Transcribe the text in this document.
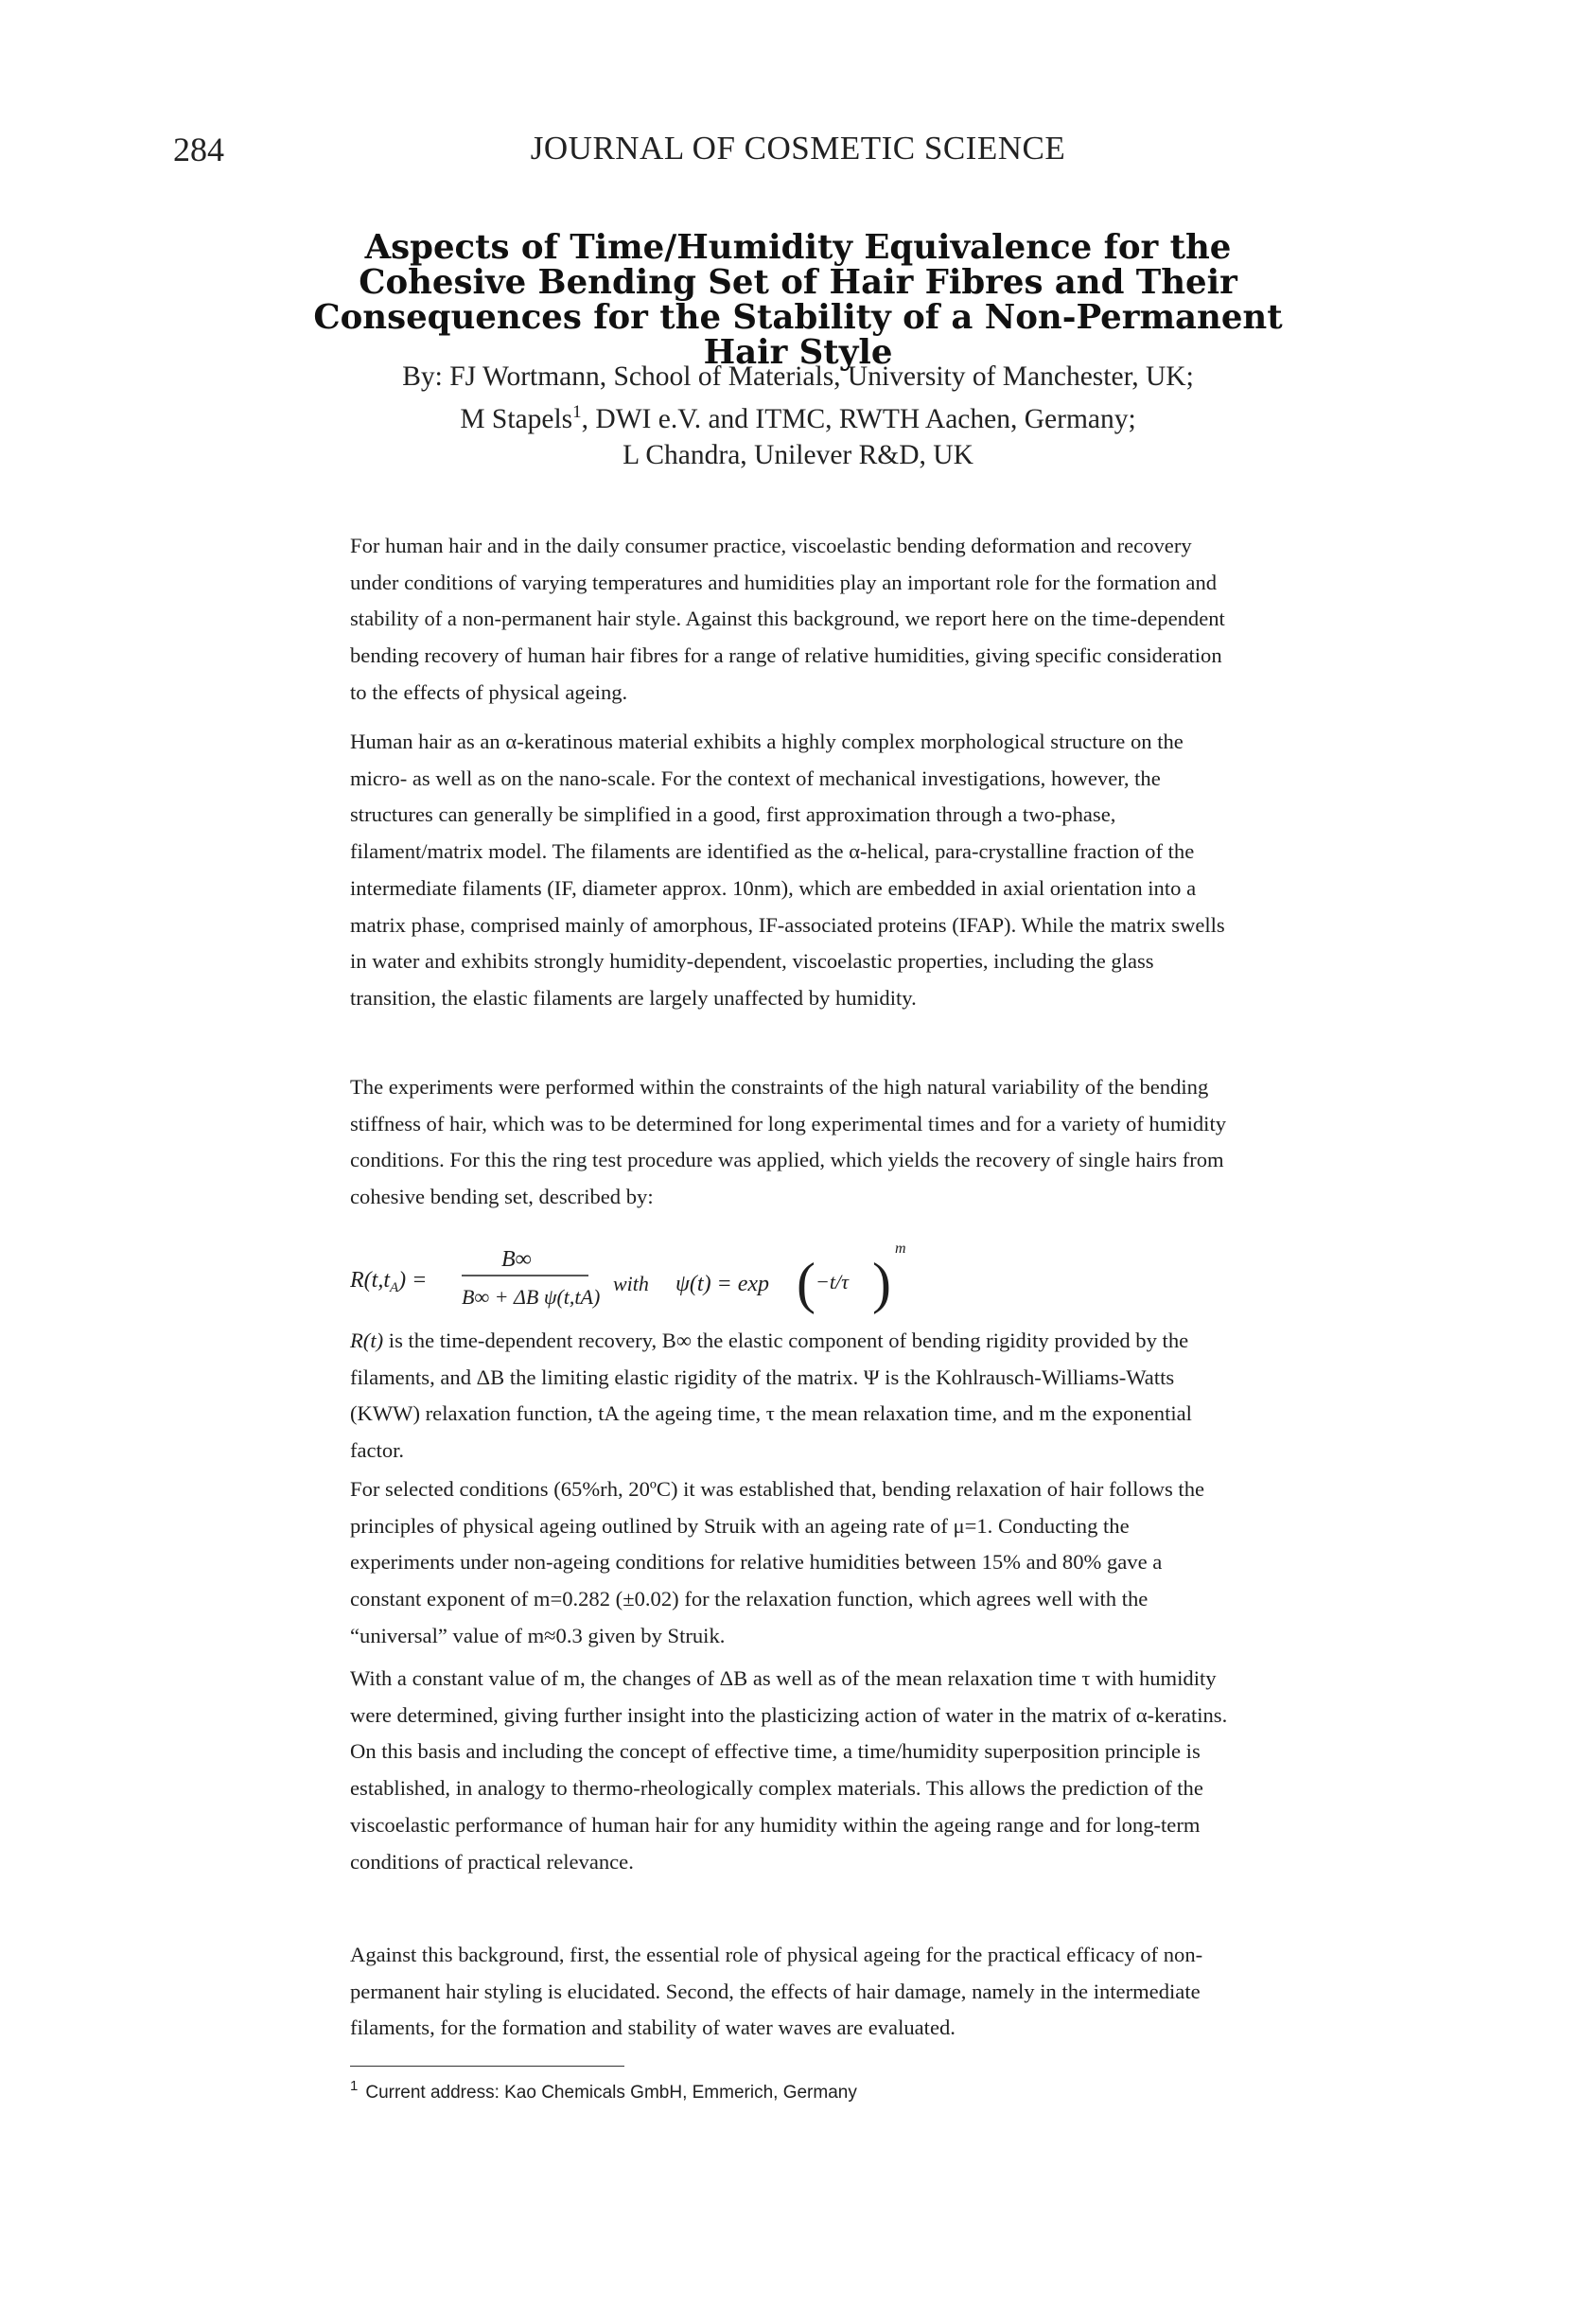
284	JOURNAL OF COSMETIC SCIENCE
Aspects of Time/Humidity Equivalence for the Cohesive Bending Set of Hair Fibres and Their Consequences for the Stability of a Non-Permanent Hair Style
By: FJ Wortmann, School of Materials, University of Manchester, UK;
M Stapels$^1$, DWI e.V. and ITMC, RWTH Aachen, Germany;
L Chandra, Unilever R&D, UK

For human hair and in the daily consumer practice, viscoelastic bending deformation and recovery under conditions of varying temperatures and humidities play an important role for the formation and stability of a non-permanent hair style. Against this background, we report here on the time-dependent bending recovery of human hair fibres for a range of relative humidities, giving specific consideration to the effects of physical ageing.

Human hair as an α-keratinous material exhibits a highly complex morphological structure on the micro- as well as on the nano-scale. For the context of mechanical investigations, however, the structures can generally be simplified in a good, first approximation through a two-phase, filament/matrix model. The filaments are identified as the α-helical, para-crystalline fraction of the intermediate filaments (IF, diameter approx. 10nm), which are embedded in axial orientation into a matrix phase, comprised mainly of amorphous, IF-associated proteins (IFAP). While the matrix swells in water and exhibits strongly humidity-dependent, viscoelastic properties, including the glass transition, the elastic filaments are largely unaffected by humidity.

The experiments were performed within the constraints of the high natural variability of the bending stiffness of hair, which was to be determined for long experimental times and for a variety of humidity conditions. For this the ring test procedure was applied, which yields the recovery of single hairs from cohesive bending set, described by:

$R(t,t_A)$ =
B∞
B∞ + ΔB ψ(t,tA)
with ψ(t) = exp ( −t/τ )
m

R(t) is the time-dependent recovery, B∞ the elastic component of bending rigidity provided by the filaments, and ΔB the limiting elastic rigidity of the matrix. Ψ is the Kohlrausch-Williams-Watts (KWW) relaxation function, tA the ageing time, τ the mean relaxation time, and m the exponential factor.

For selected conditions (65%rh, 20ºC) it was established that, bending relaxation of hair follows the principles of physical ageing outlined by Struik with an ageing rate of μ=1. Conducting the experiments under non-ageing conditions for relative humidities between 15% and 80% gave a constant exponent of m=0.282 (±0.02) for the relaxation function, which agrees well with the “universal” value of m≈0.3 given by Struik.

With a constant value of m, the changes of ΔB as well as of the mean relaxation time τ with humidity were determined, giving further insight into the plasticizing action of water in the matrix of α-keratins. On this basis and including the concept of effective time, a time/humidity superposition principle is established, in analogy to thermo-rheologically complex materials. This allows the prediction of the viscoelastic performance of human hair for any humidity within the ageing range and for long-term conditions of practical relevance.

Against this background, first, the essential role of physical ageing for the practical efficacy of non-permanent hair styling is elucidated. Second, the effects of hair damage, namely in the intermediate filaments, for the formation and stability of water waves are evaluated.

$^1$ Current address: Kao Chemicals GmbH, Emmerich, Germany
